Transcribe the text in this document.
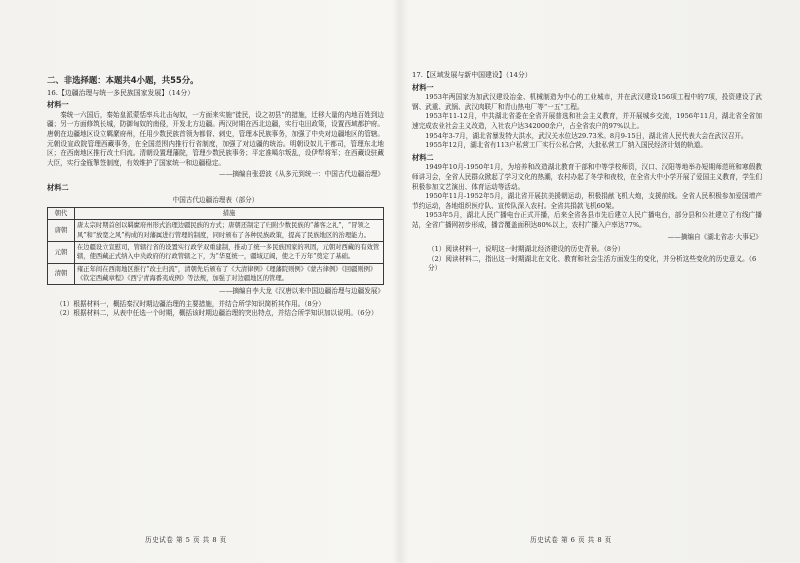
二、非选择题：本题共4小题，共55分。
16.【边疆治理与统一多民族国家发展】（14分）
材料一

秦统一六国后，秦始皇派蒙恬率兵北击匈奴，一方面来实施“徙民，设之初县”的措施，迁移大量的内地百姓到边疆；另一方面修筑长城，防御匈奴的南侵，开发北方边疆。两汉时期在西北边疆，实行屯田政策，设置西域都护府。唐朝在边疆地区设立羁縻府州，任用少数民族首领为都督、刺史，管理本民族事务，加强了中央对边疆地区的管辖。元朝设宣政院管理西藏事务，在全国范围内推行行省制度，加强了对边疆的统治。明朝设奴儿干都司，管理东北地区；在西南地区推行改土归流。清朝设置理藩院，管理少数民族事务；平定准噶尔叛乱，设伊犁将军；在西藏设驻藏大臣，实行金瓶掣签制度，有效维护了国家统一和边疆稳定。

——摘编自张碧波《从多元到统一：中国古代边疆治理》
材料二
中国古代边疆治理表（部分）
朝代	措施
唐朝	唐太宗时期首创以羁縻府州形式治理边疆民族的方式；唐朝还制定了归附少数民族的“蕃客之礼”，“冒领之风”和“放宽之风”构成的对藩属进行管理的制度，同时颁布了各种民族政策，提高了民族地区的治理能力。
元朝	在边疆设立宣慰司，管辖行省的设置实行政学双重建制，推动了统一多民族国家的巩固，元朝对西藏的有效管辖，使西藏正式纳入中央政府的行政管辖之下，为“华夏统一，疆域辽阔，使之千万年”奠定了基础。
清朝	雍正年间在西南地区推行“改土归流”，清朝先后颁布了《大清律例》《理藩院则例》《蒙古律例》《回疆则例》《钦定西藏章程》《西宁青海番夷成例》等法规，加强了对边疆地区的管理。
——摘编自李大龙《汉唐以来中国边疆治理与边疆发展》

（1）根据材料一，概括秦汉时期边疆治理的主要措施，并结合所学知识简析其作用。（8分）

（2）根据材料二，从表中任选一个时期，概括该时期边疆治理的突出特点，并结合所学知识加以说明。（6分）

17.【区域发展与新中国建设】（14分）
材料一

1953年两国家为加武汉建设冶金、机械制造为中心的工业城市，并在武汉建设156项工程中的7项，投资建设了武钢、武重、武锅、武汉肉联厂和青山热电厂等“一五”工程。

1953年11-12月，中共湖北省委在全省开展普选和社会主义教育，并开展城乡交流，1956年11月，湖北省全省加速完成农业社会主义改造，入社农户达342000余户，占全省农户的97%以上。

1954年3-7月，湖北省暴发特大洪水，武汉关水位达29.73米。8月9-15日，湖北省人民代表大会在武汉召开。

1955年12月，湖北省有113户私营工厂实行公私合营，大批私营工厂纳入国民经济计划的轨道。

材料二

1949年10月-1950年1月，为培养和改造湖北教育干部和中等学校师资，汉口、汉阳等地举办短期师范班和寒假教师讲习会，全省人民群众掀起了学习文化的热潮，农村办起了冬学和夜校，在全省大中小学开展了爱国主义教育，学生们积极参加文艺演出、体育运动等活动。

1950年11月-1952年5月，湖北省开展抗美援朝运动，积极捐献飞机大炮，支援前线。全省人民积极参加爱国增产节约运动，各地组织医疗队、宣传队深入农村。全省共捐款飞机60架。

1953年5月，湖北人民广播电台正式开播，后来全省各县市先后建立人民广播电台，部分县和公社建立了有线广播站，全省广播网初步形成，播音覆盖面积达80%以上，农村广播入户率达77%。

——摘编自《湖北省志·大事记》

（1）阅读材料一，说明这一时期湖北经济建设的历史背景。（8分）

（2）阅读材料二，指出这一时期湖北在文化、教育和社会生活方面发生的变化，并分析这些变化的历史意义。（6分）

历史试卷 第 5 页 共 8 页	历史试卷 第 6 页 共 8 页
